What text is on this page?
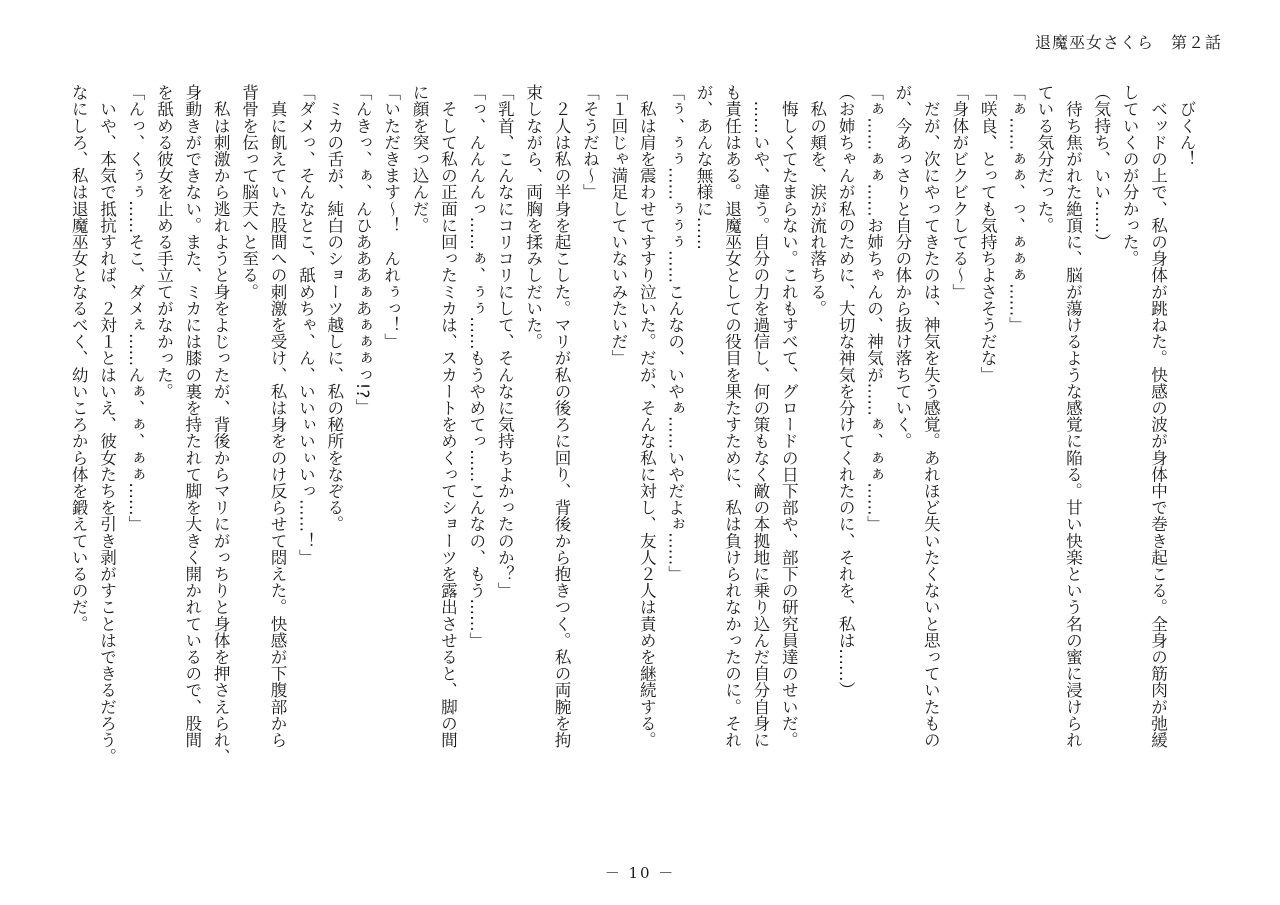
退魔巫女さくら　第２話
　びくん！
　ベッドの上で、私の身体が跳ねた。快感の波が身体中で巻き起こる。全身の筋肉が弛緩
していくのが分かった。
（気持ち、いい……）
　待ち焦がれた絶頂に、脳が蕩けるような感覚に陥る。甘い快楽という名の蜜に浸けられ
ている気分だった。
「ぁ……ぁぁ、っ、ぁぁぁ……」
「咲良、とっても気持ちよさそうだな」
「身体がビクビクしてる～」
　だが、次にやってきたのは、神気を失う感覚。あれほど失いたくないと思っていたもの
が、今あっさりと自分の体から抜け落ちていく。
「ぁ……ぁぁ……お姉ちゃんの、神気が……ぁ、ぁぁ……」
（お姉ちゃんが私のために、大切な神気を分けてくれたのに、それを、私は……）
　私の頬を、涙が流れ落ちる。
　悔しくてたまらない。これもすべて、グロードの日下部や、部下の研究員達のせいだ。
　……いや、違う。自分の力を過信し、何の策もなく敵の本拠地に乗り込んだ自分自身に
も責任はある。退魔巫女としての役目を果たすために、私は負けられなかったのに。それ
が、あんな無様に……
「ぅ、ぅぅ……ぅぅぅ……こんなの、いやぁ……いやだよぉ……」
　私は肩を震わせてすすり泣いた。だが、そんな私に対し、友人２人は責めを継続する。
「１回じゃ満足していないみたいだ」
「そうだね～」
　２人は私の半身を起こした。マリが私の後ろに回り、背後から抱きつく。私の両腕を拘
束しながら、両胸を揉みしだいた。
「乳首、こんなにコリコリにして、そんなに気持ちよかったのか？」
「っ、んんんんっ……ぁ、ぅぅ……もうやめてっ……こんなの、もう……」
　そして私の正面に回ったミカは、スカートをめくってショーツを露出させると、脚の間
に顔を突っ込んだ。
「いただきます～！　んれぅっ！」
「んきっ、ぁ、んひあああぁあぁぁぁっ!?」
　ミカの舌が、純白のショーツ越しに、私の秘所をなぞる。
「ダメっ、そんなとこ、舐めちゃ、ん、いいぃいぃいっ……！」
　真に飢えていた股間への刺激を受け、私は身をのけ反らせて悶えた。快感が下腹部から
背骨を伝って脳天へと至る。
　私は刺激から逃れようと身をよじったが、背後からマリにがっちりと身体を押さえられ、
身動きができない。また、ミカには膝の裏を持たれて脚を大きく開かれているので、股間
を舐める彼女を止める手立てがなかった。
「んっ、くぅぅ……そこ、ダメぇ……んぁ、ぁ、ぁぁ……」
　いや、本気で抵抗すれば、２対１とはいえ、彼女たちを引き剥がすことはできるだろう。
なにしろ、私は退魔巫女となるべく、幼いころから体を鍛えているのだ。
－ 10 －
